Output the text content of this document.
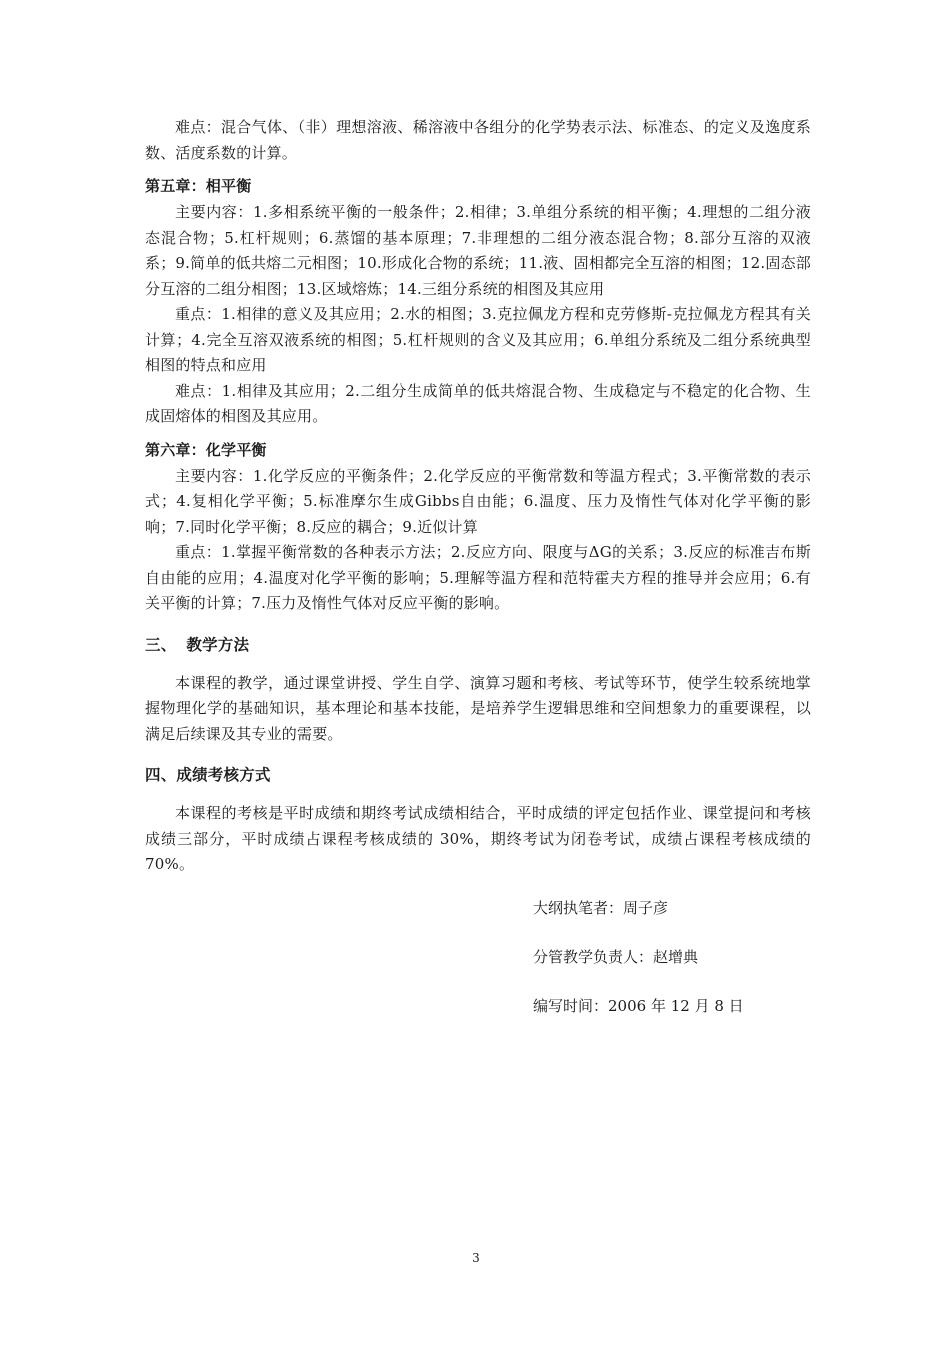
难点：混合气体、（非）理想溶液、稀溶液中各组分的化学势表示法、标准态、的定义及逸度系数、活度系数的计算。

第五章：相平衡

主要内容：1.多相系统平衡的一般条件；2.相律；3.单组分系统的相平衡；4.理想的二组分液态混合物；5.杠杆规则；6.蒸馏的基本原理；7.非理想的二组分液态混合物；8.部分互溶的双液系；9.简单的低共熔二元相图；10.形成化合物的系统；11.液、固相都完全互溶的相图；12.固态部分互溶的二组分相图；13.区域熔炼；14.三组分系统的相图及其应用

重点：1.相律的意义及其应用；2.水的相图；3.克拉佩龙方程和克劳修斯-克拉佩龙方程其有关计算；4.完全互溶双液系统的相图；5.杠杆规则的含义及其应用；6.单组分系统及二组分系统典型相图的特点和应用

难点：1.相律及其应用；2.二组分生成简单的低共熔混合物、生成稳定与不稳定的化合物、生成固熔体的相图及其应用。

第六章：化学平衡

主要内容：1.化学反应的平衡条件；2.化学反应的平衡常数和等温方程式；3.平衡常数的表示式；4.复相化学平衡；5.标准摩尔生成Gibbs自由能；6.温度、压力及惰性气体对化学平衡的影响；7.同时化学平衡；8.反应的耦合；9.近似计算

重点：1.掌握平衡常数的各种表示方法；2.反应方向、限度与ΔG的关系；3.反应的标准吉布斯自由能的应用；4.温度对化学平衡的影响；5.理解等温方程和范特霍夫方程的推导并会应用；6.有关平衡的计算；7.压力及惰性气体对反应平衡的影响。

三、 教学方法

本课程的教学，通过课堂讲授、学生自学、演算习题和考核、考试等环节，使学生较系统地掌握物理化学的基础知识，基本理论和基本技能，是培养学生逻辑思维和空间想象力的重要课程，以满足后续课及其专业的需要。

四、成绩考核方式

本课程的考核是平时成绩和期终考试成绩相结合，平时成绩的评定包括作业、课堂提问和考核成绩三部分，平时成绩占课程考核成绩的 30%，期终考试为闭卷考试，成绩占课程考核成绩的 70%。

大纲执笔者：周子彦
分管教学负责人：赵增典
编写时间：2006 年 12 月 8 日
3
